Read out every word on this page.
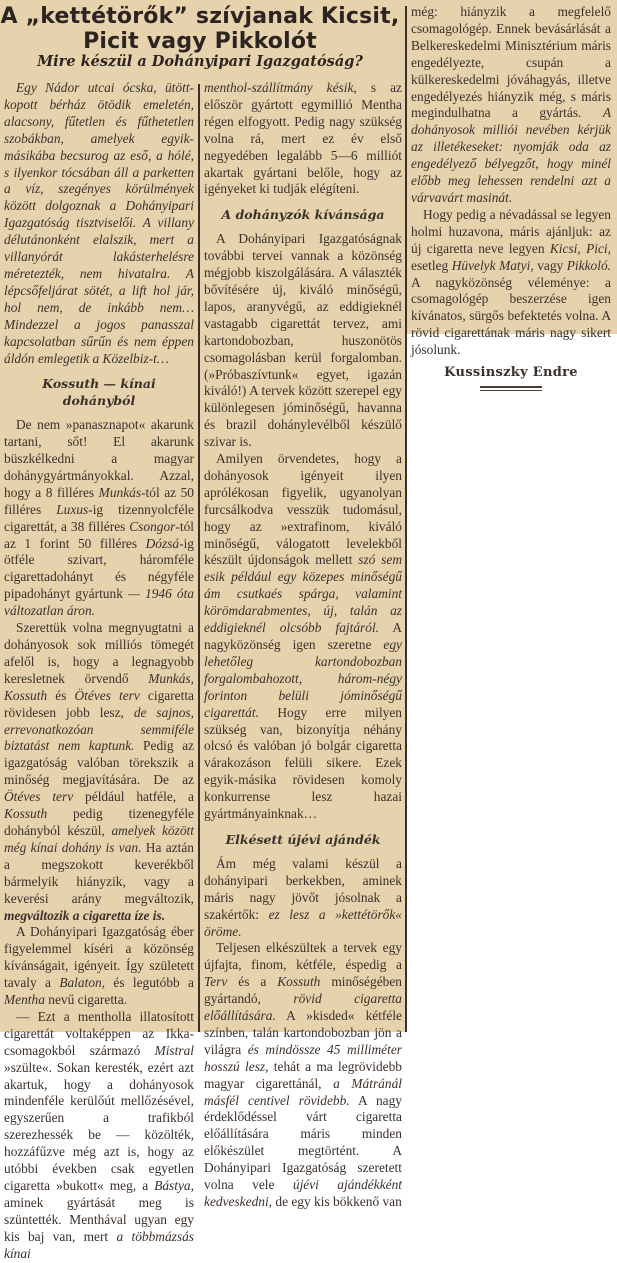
A „kettétörők” szívjanak Kicsit,
Picit vagy Pikkolót
Mire készül a Dohányipari Igazgatóság?

Egy Nádor utcai ócska, ütött-kopott bérház ötödik emeletén, alacsony, fűtetlen és fűthetetlen szobákban, amelyek egyik-másikába becsurog az eső, a hólé, s ilyenkor tócsában áll a parketten a víz, szegényes körülmények között dolgoznak a Dohányipari Igazgatóság tisztviselői. A villany délutánonként elalszik, mert a villanyórát lakásterhelésre méretezték, nem hivatalra. A lépcsőfeljárat sötét, a lift hol jár, hol nem, de inkább nem… Mindezzel a jogos panasszal kapcsolatban sűrűn és nem éppen áldón emlegetik a Közelbiz-t…

Kossuth — kínai dohányból

De nem »panasznapot« akarunk tartani, sőt! El akarunk büszkélkedni a magyar dohánygyártmányokkal. Azzal, hogy a 8 filléres Munkás-tól az 50 filléres Luxus-ig tizennyolcféle cigarettát, a 38 filléres Csongor-tól az 1 forint 50 filléres Dózsá-ig ötféle szivart, háromféle cigarettadohányt és négyféle pipadohányt gyártunk — 1946 óta változatlan áron.

Szerettük volna megnyugtatni a dohányosok sok milliós tömegét afelől is, hogy a legnagyobb keresletnek örvendő Munkás, Kossuth és Ötéves terv cigaretta rövidesen jobb lesz, de sajnos, errevonatkozóan semmiféle biztatást nem kaptunk. Pedig az igazgatóság valóban törekszik a minőség megjavítására. De az Ötéves terv például hatféle, a Kossuth pedig tizenegyféle dohányból készül, amelyek között még kínai dohány is van. Ha aztán a megszokott keverékből bármelyik hiányzik, vagy a keverési arány megváltozik, megváltozik a cigaretta íze is.

A Dohányipari Igazgatóság éber figyelemmel kíséri a közönség kívánságait, igényeit. Így született tavaly a Balaton, és legutóbb a Mentha nevű cigaretta.

— Ezt a mentholla illatosított cigarettát voltaképpen az Ikka-csomagokból származó Mistral »szülte«. Sokan keresték, ezért azt akartuk, hogy a dohányosok mindenféle kerülőút mellőzésével, egyszerűen a trafikból szerezhessék be — közölték, hozzáfűzve még azt is, hogy az utóbbi években csak egyetlen cigaretta »bukott« meg, a Bástya, aminek gyártását meg is szüntették. Menthával ugyan egy kis baj van, mert a többmázsás kínai

menthol-szállítmány késik, s az először gyártott egymillió Mentha régen elfogyott. Pedig nagy szükség volna rá, mert ez év első negyedében legalább 5—6 milliót akartak gyártani belőle, hogy az igényeket ki tudják elégíteni.

A dohányzók kívánsága

A Dohányipari Igazgatóságnak további tervei vannak a közönség mégjobb kiszolgálására. A választék bővítésére új, kiváló minőségű, lapos, aranyvégű, az eddigieknél vastagabb cigarettát tervez, ami kartondobozban, huszonötös csomagolásban kerül forgalomban. (»Próbaszívtunk« egyet, igazán kiváló!) A tervek között szerepel egy különlegesen jóminőségű, havanna és brazil dohánylevélből készülő szivar is.

Amilyen örvendetes, hogy a dohányosok igényeit ilyen aprólékosan figyelik, ugyanolyan furcsálkodva vesszük tudomásul, hogy az »extrafinom, kiváló minőségű, válogatott levelekből készült újdonságok mellett szó sem esik például egy közepes minőségű ám csutkaés spárga, valamint körömdarabmentes, új, talán az eddigieknél olcsóbb fajtáról. A nagyközönség igen szeretne egy lehetőleg kartondobozban forgalombahozott, három-négy forinton belüli jóminőségű cigarettát. Hogy erre milyen szükség van, bizonyítja néhány olcsó és valóban jó bolgár cigaretta várakozáson felüli sikere. Ezek egyik-másika rövidesen komoly konkurrense lesz hazai gyártmányainknak…

Elkésett újévi ajándék

Ám még valami készül a dohányipari berkekben, aminek máris nagy jövőt jósolnak a szakértők: ez lesz a »kettétörők« öröme.

Teljesen elkészültek a tervek egy újfajta, finom, kétféle, éspedig a Terv és a Kossuth minőségében gyártandó, rövid cigaretta előállítására. A »kisded« kétféle színben, talán kartondobozban jön a világra és mindössze 45 milliméter hosszú lesz, tehát a ma legrövidebb magyar cigarettánál, a Mátránál másfél centivel rövidebb. A nagy érdeklődéssel várt cigaretta előállítására máris minden előkészület megtörtént. A Dohányipari Igazgatóság szeretett volna vele újévi ajándékként kedveskedni, de egy kis bökkenő van

még: hiányzik a megfelelő csomagológép. Ennek bevásárlását a Belkereskedelmi Minisztérium máris engedélyezte, csupán a külkereskedelmi jóváhagyás, illetve engedélyezés hiányzik még, s máris megindulhatna a gyártás. A dohányosok milliói nevében kérjük az illetékeseket: nyomják oda az engedélyező bélyegzőt, hogy minél előbb meg lehessen rendelni azt a várvavárt masinát.

Hogy pedig a névadással se legyen holmi huzavona, máris ajánljuk: az új cigaretta neve legyen Kicsi, Pici, esetleg Hüvelyk Matyi, vagy Pikkoló. A nagyközönség véleménye: a csomagológép beszerzése igen kívánatos, sürgős befektetés volna. A rövid cigarettának máris nagy sikert jósolunk.

Kussinszky Endre
